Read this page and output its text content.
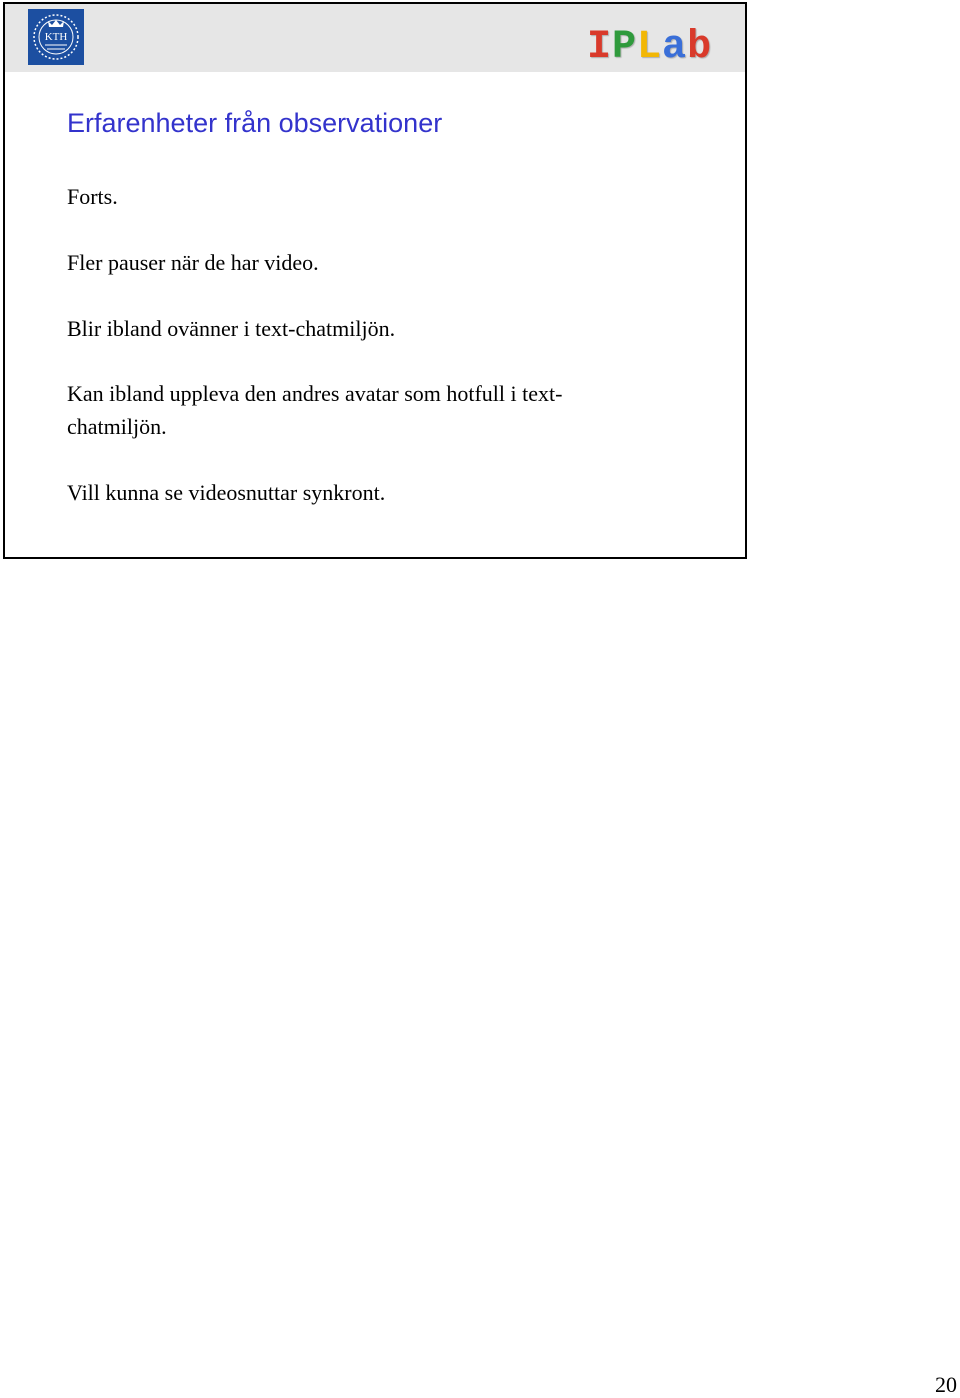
KTH	IPLab
Erfarenheter från observationer

Forts.

Fler pauser när de har video.

Blir ibland ovänner i text-chatmiljön.

Kan ibland uppleva den andres avatar som hotfull i text-chatmiljön.

Vill kunna se videosnuttar synkront.

20
